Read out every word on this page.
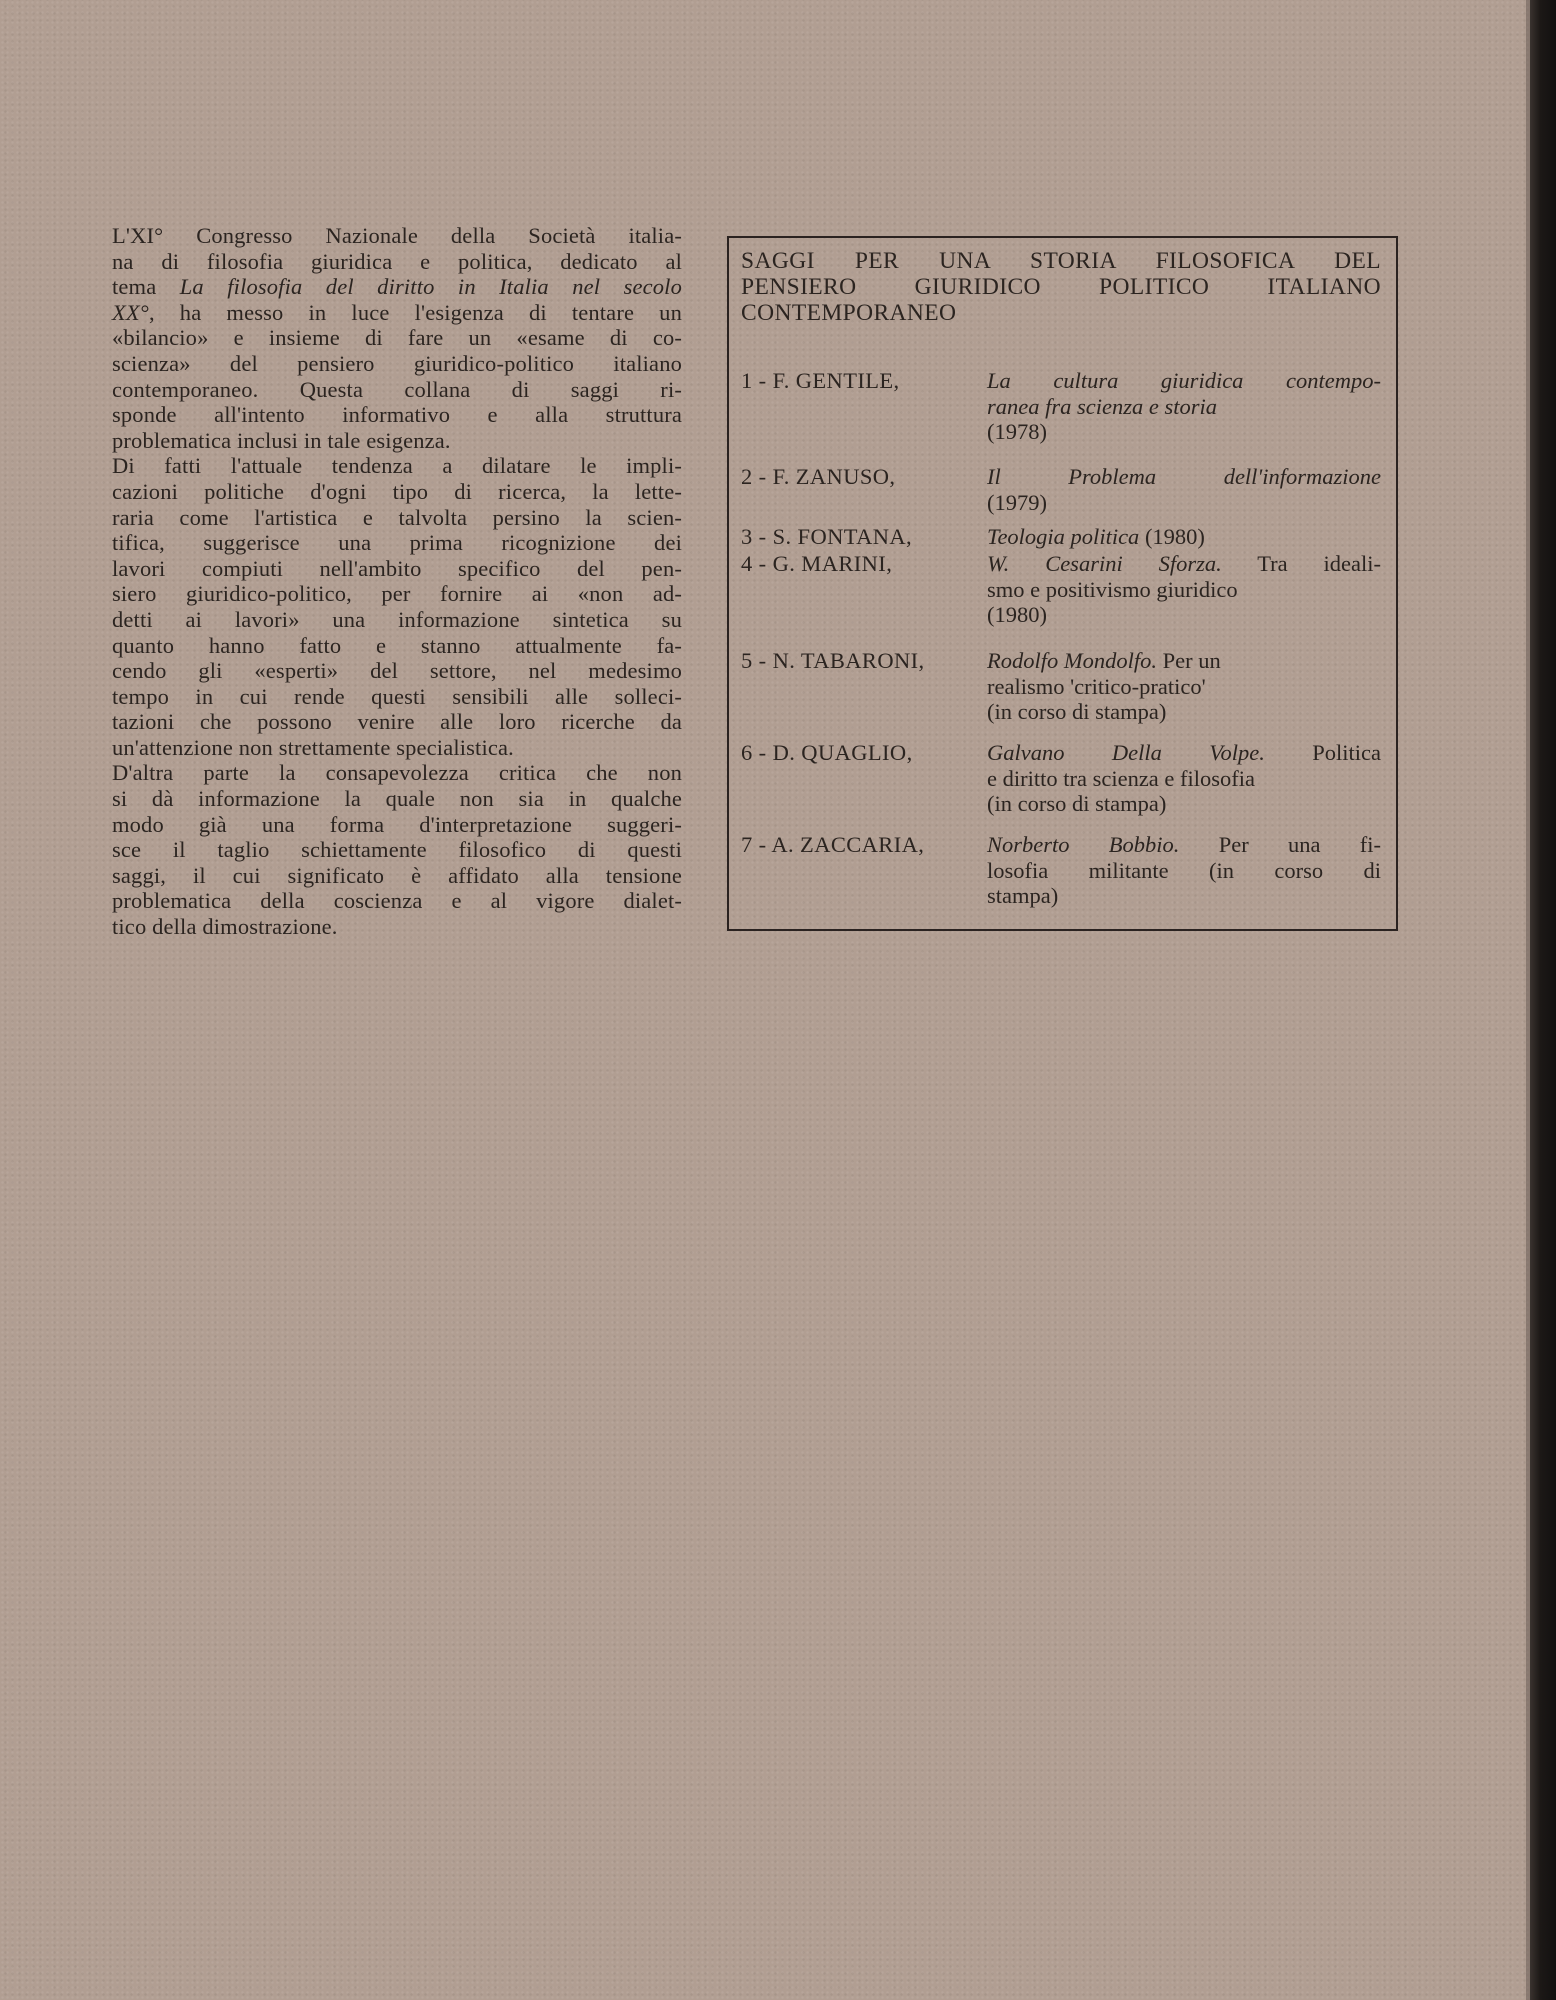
L'XI° Congresso Nazionale della Società italia-
na di filosofia giuridica e politica, dedicato al
tema La filosofia del diritto in Italia nel secolo
XX°, ha messo in luce l'esigenza di tentare un
«bilancio» e insieme di fare un «esame di co-
scienza» del pensiero giuridico-politico italiano
contemporaneo. Questa collana di saggi ri-
sponde all'intento informativo e alla struttura
problematica inclusi in tale esigenza.
Di fatti l'attuale tendenza a dilatare le impli-
cazioni politiche d'ogni tipo di ricerca, la lette-
raria come l'artistica e talvolta persino la scien-
tifica, suggerisce una prima ricognizione dei
lavori compiuti nell'ambito specifico del pen-
siero giuridico-politico, per fornire ai «non ad-
detti ai lavori» una informazione sintetica su
quanto hanno fatto e stanno attualmente fa-
cendo gli «esperti» del settore, nel medesimo
tempo in cui rende questi sensibili alle solleci-
tazioni che possono venire alle loro ricerche da
un'attenzione non strettamente specialistica.
D'altra parte la consapevolezza critica che non
si dà informazione la quale non sia in qualche
modo già una forma d'interpretazione suggeri-
sce il taglio schiettamente filosofico di questi
saggi, il cui significato è affidato alla tensione
problematica della coscienza e al vigore dialet-
tico della dimostrazione.
SAGGI PER UNA STORIA FILOSOFICA DEL
PENSIERO GIURIDICO POLITICO ITALIANO
CONTEMPORANEO
1 - F. GENTILE,	La cultura giuridica contempo-
ranea fra scienza e storia
(1978)
2 - F. ZANUSO,	Il Problema dell'informazione
(1979)
3 - S. FONTANA,	Teologia politica (1980)
4 - G. MARINI,	W. Cesarini Sforza. Tra ideali-
smo e positivismo giuridico
(1980)
5 - N. TABARONI,	Rodolfo Mondolfo. Per un
realismo 'critico-pratico'
(in corso di stampa)
6 - D. QUAGLIO,	Galvano Della Volpe. Politica
e diritto tra scienza e filosofia
(in corso di stampa)
7 - A. ZACCARIA,	Norberto Bobbio. Per una fi-
losofia militante (in corso di
stampa)
